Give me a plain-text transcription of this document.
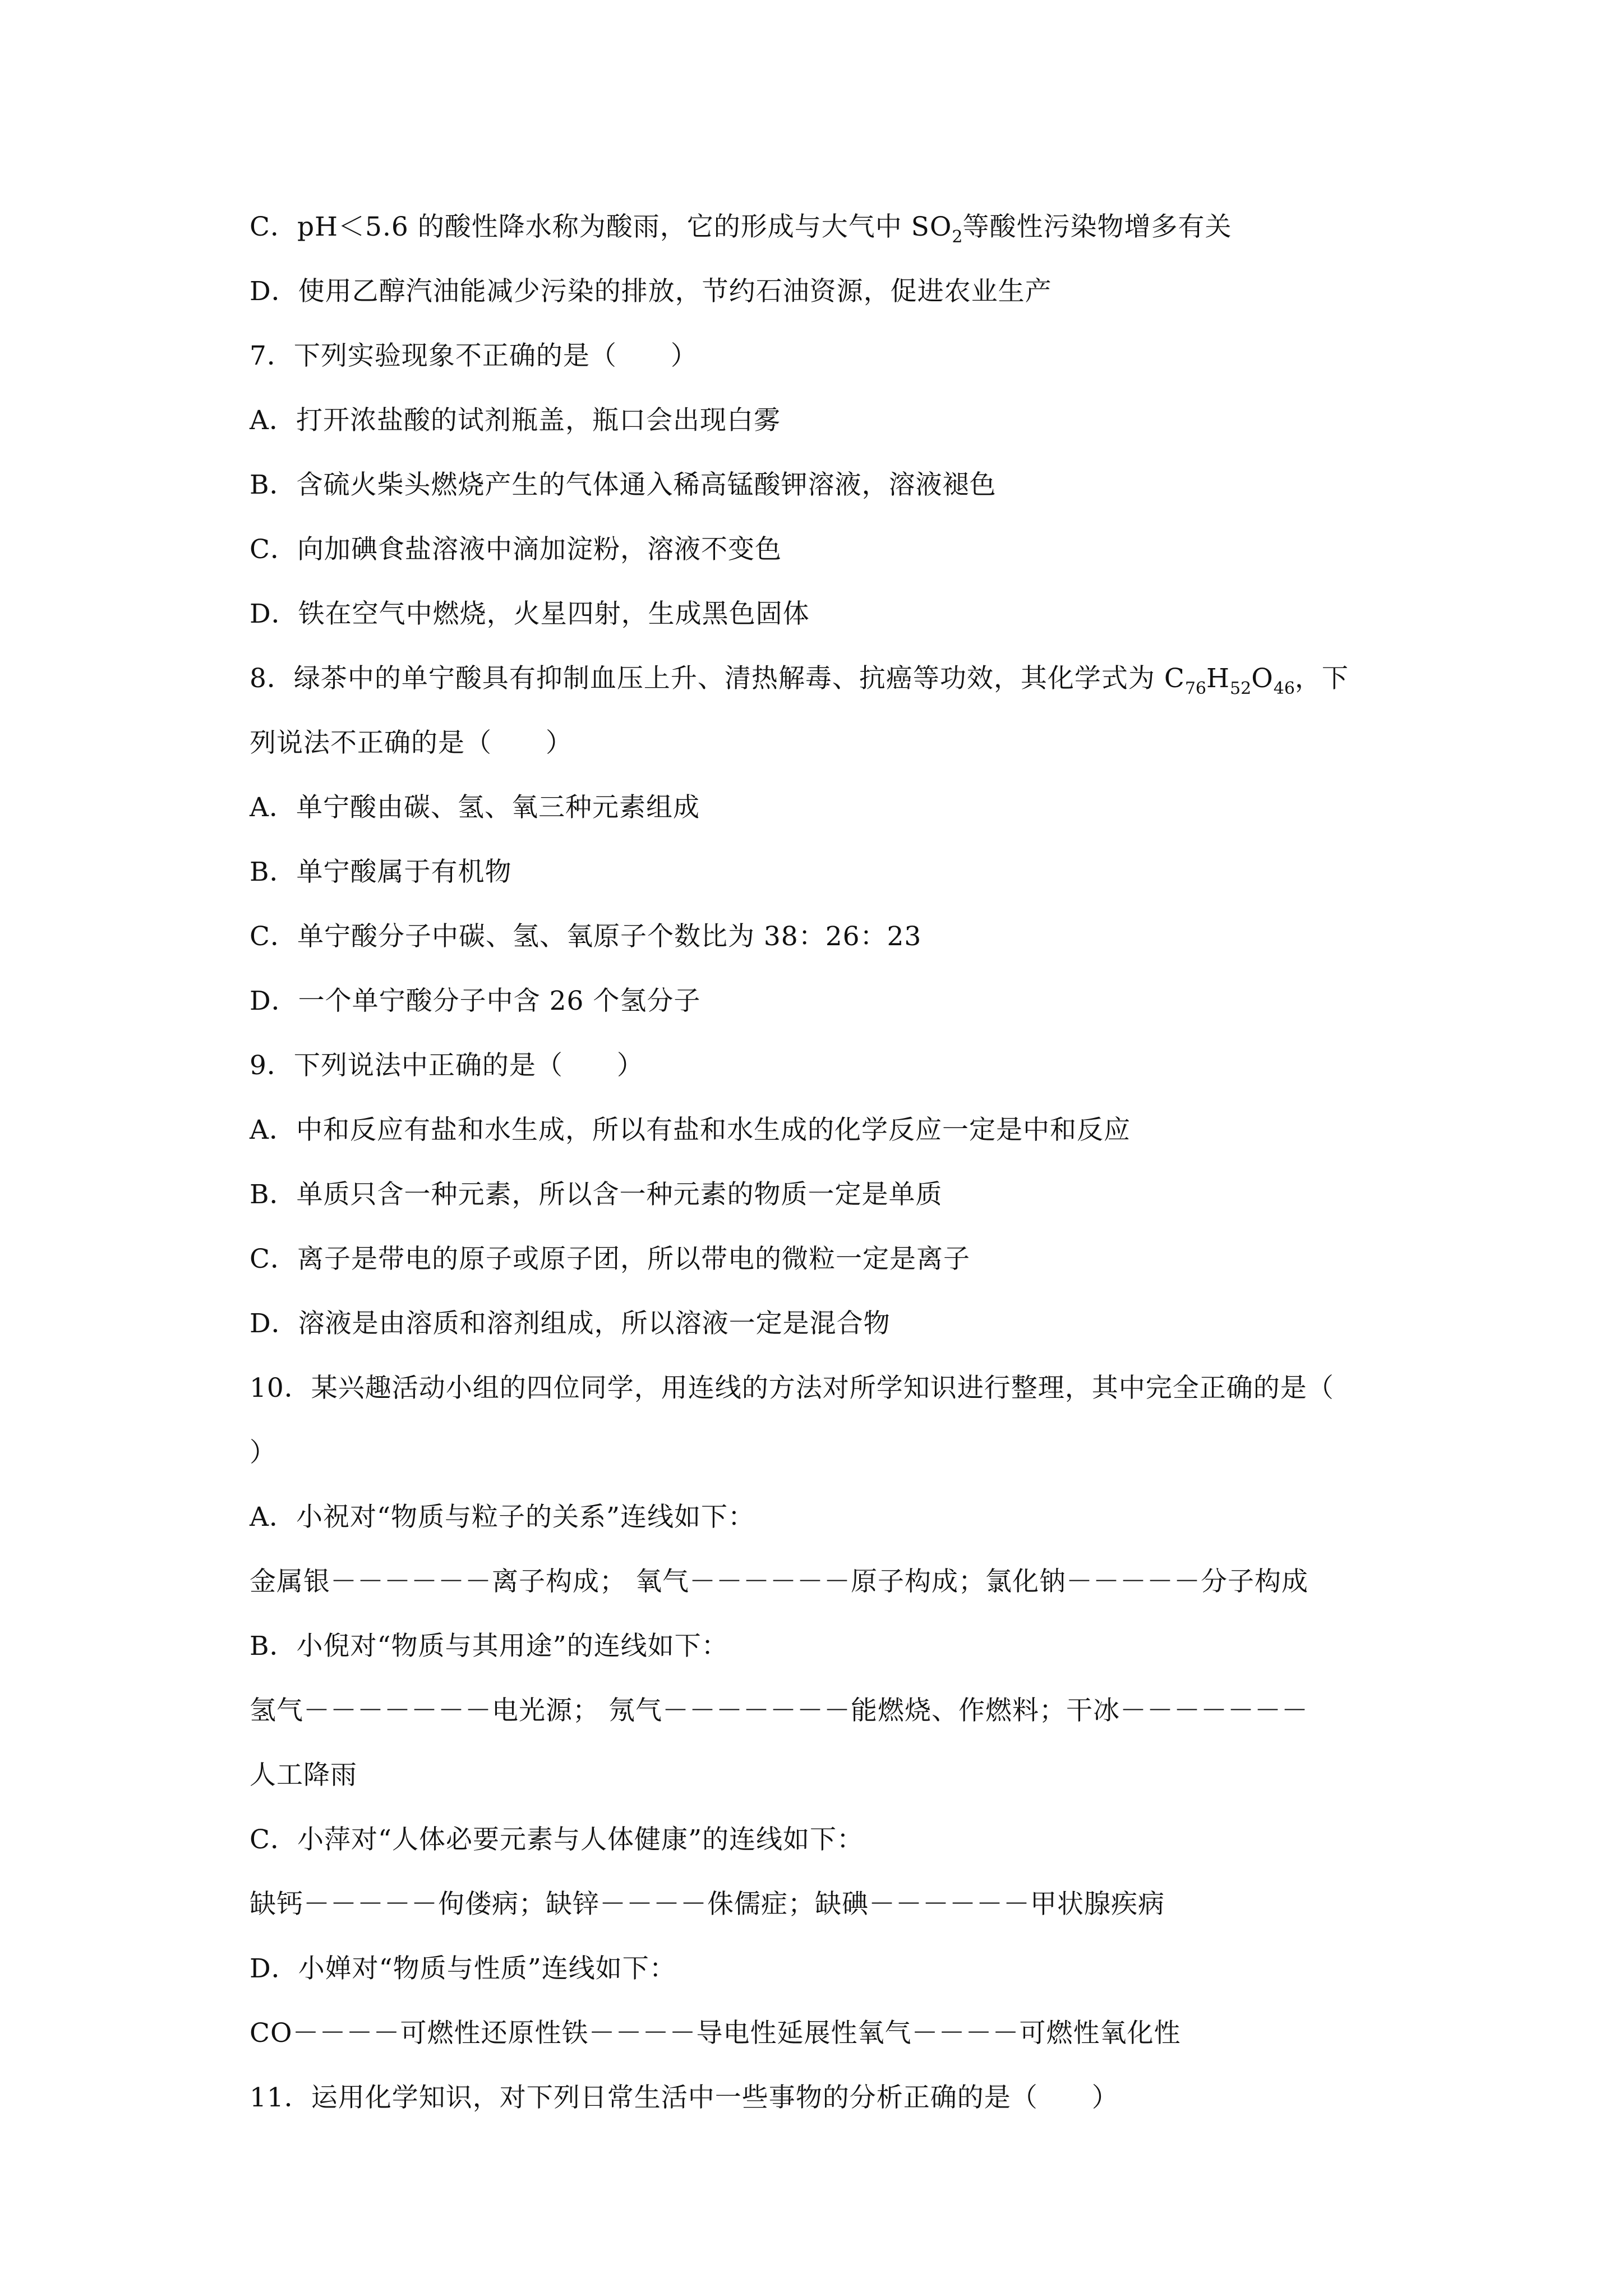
C．pH＜5.6 的酸性降水称为酸雨，它的形成与大气中 $SO_2$等酸性污染物增多有关
D．使用乙醇汽油能减少污染的排放，节约石油资源，促进农业生产
7．下列实验现象不正确的是（　　）
A．打开浓盐酸的试剂瓶盖，瓶口会出现白雾
B．含硫火柴头燃烧产生的气体通入稀高锰酸钾溶液，溶液褪色
C．向加碘食盐溶液中滴加淀粉，溶液不变色
D．铁在空气中燃烧，火星四射，生成黑色固体
8．绿茶中的单宁酸具有抑制血压上升、清热解毒、抗癌等功效，其化学式为 $C_{76}H_{52}O_{46}$，下
列说法不正确的是（　　）
A．单宁酸由碳、氢、氧三种元素组成
B．单宁酸属于有机物
C．单宁酸分子中碳、氢、氧原子个数比为 38：26：23
D．一个单宁酸分子中含 26 个氢分子
9．下列说法中正确的是（　　）
A．中和反应有盐和水生成，所以有盐和水生成的化学反应一定是中和反应
B．单质只含一种元素，所以含一种元素的物质一定是单质
C．离子是带电的原子或原子团，所以带电的微粒一定是离子
D．溶液是由溶质和溶剂组成，所以溶液一定是混合物
10．某兴趣活动小组的四位同学，用连线的方法对所学知识进行整理，其中完全正确的是（
）
A．小祝对“物质与粒子的关系”连线如下：
金属银－－－－－－离子构成； 氧气－－－－－－原子构成；氯化钠－－－－－分子构成
B．小倪对“物质与其用途”的连线如下：
氢气－－－－－－－电光源； 氖气－－－－－－－能燃烧、作燃料；干冰－－－－－－－
人工降雨
C．小萍对“人体必要元素与人体健康”的连线如下：
缺钙－－－－－佝偻病；缺锌－－－－侏儒症；缺碘－－－－－－甲状腺疾病
D．小婵对“物质与性质”连线如下：
CO－－－－可燃性还原性铁－－－－导电性延展性氧气－－－－可燃性氧化性
11．运用化学知识，对下列日常生活中一些事物的分析正确的是（　　）
